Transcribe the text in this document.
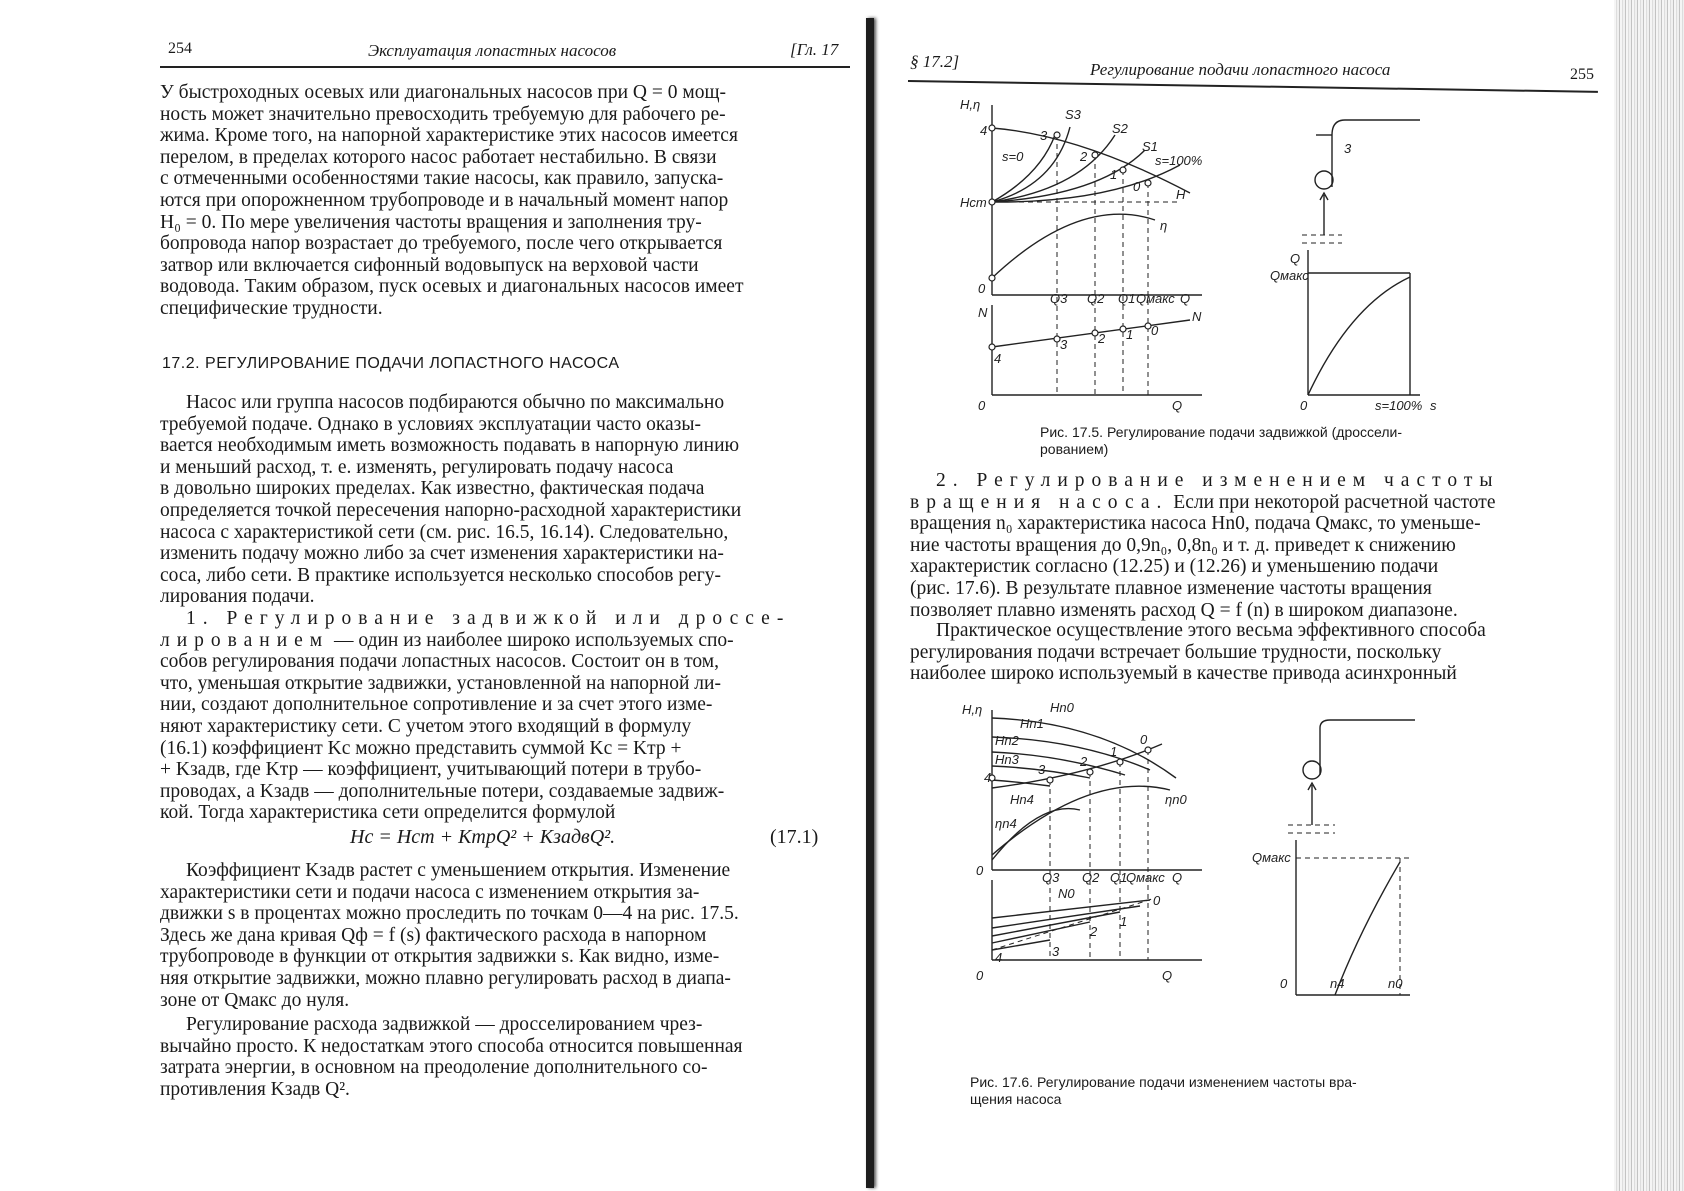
254	Эксплуатация лопастных насосов	[Гл. 17

У быстроходных осевых или диагональных насосов при Q = 0 мощ-

ность может значительно превосходить требуемую для рабочего ре-

жима. Кроме того, на напорной характеристике этих насосов имеется

перелом, в пределах которого насос работает нестабильно. В связи

с отмеченными особенностями такие насосы, как правило, запуска-

ются при опорожненном трубопроводе и в начальный момент напор

H₀ = 0. По мере увеличения частоты вращения и заполнения тру-

бопровода напор возрастает до требуемого, после чего открывается

затвор или включается сифонный водовыпуск на верховой части

водовода. Таким образом, пуск осевых и диагональных насосов имеет

специфические трудности.

17.2. РЕГУЛИРОВАНИЕ ПОДАЧИ ЛОПАСТНОГО НАСОСА

Насос или группа насосов подбираются обычно по максимально

требуемой подаче. Однако в условиях эксплуатации часто оказы-

вается необходимым иметь возможность подавать в напорную линию

и меньший расход, т. е. изменять, регулировать подачу насоса

в довольно широких пределах. Как известно, фактическая подача

определяется точкой пересечения напорно-расходной характеристики

насоса с характеристикой сети (см. рис. 16.5, 16.14). Следовательно,

изменить подачу можно либо за счет изменения характеристики на-

соса, либо сети. В практике используется несколько способов регу-

лирования подачи.

1. Регулирование задвижкой или дроссе-

лированием — один из наиболее широко используемых спо-
собов регулирования подачи лопастных насосов. Состоит он в том,
что, уменьшая открытие задвижки, установленной на напорной ли-
нии, создают дополнительное сопротивление и за счет этого изме-
няют характеристику сети. С учетом этого входящий в формулу
(16.1) коэффициент Kс можно представить суммой Kс = Kтр +
+ Kзадв, где Kтр — коэффициент, учитывающий потери в трубо-
проводах, а Kзадв — дополнительные потери, создаваемые задвиж-
кой. Тогда характеристика сети определится формулой

Hс = Hст + KтрQ² + KзадвQ².	(17.1)

Коэффициент Kзадв растет с уменьшением открытия. Изменение

характеристики сети и подачи насоса с изменением открытия за-

движки s в процентах можно проследить по точкам 0—4 на рис. 17.5.

Здесь же дана кривая Qф = f (s) фактического расхода в напорном

трубопроводе в функции от открытия задвижки s. Как видно, изме-

няя открытие задвижки, можно плавно регулировать расход в диапа-

зоне от Qмакс до нуля.

Регулирование расхода задвижкой — дросселированием чрез-

вычайно просто. К недостаткам этого способа относится повышенная

затрата энергии, в основном на преодоление дополнительного со-

противления Kзадв Q².

§ 17.2]	Регулирование подачи лопастного насоса	255
H,η
4	3
2
1
0
S3
S2
S1
s=0	s=100%
Hст
H
η
0
Q3 Q2 Q1 Qмакс Q
N
4
3 2 1 0
N
0	Q
3
Q
Qмакс
0	s=100% s
Рис. 17.5. Регулирование подачи задвижкой (дроссели-
рованием)

2. Регулирование изменением частоты

вращения насоса. Если при некоторой расчетной частоте
вращения n₀ характеристика насоса Hn0, подача Qмакс, то уменьше-
ние частоты вращения до 0,9n₀, 0,8n₀ и т. д. приведет к снижению
характеристик согласно (12.25) и (12.26) и уменьшению подачи
(рис. 17.6). В результате плавное изменение частоты вращения
позволяет плавно изменять расход Q = f (n) в широком диапазоне.

Практическое осуществление этого весьма эффективного способа

регулирования подачи встречает большие трудности, поскольку

наиболее широко используемый в качестве привода асинхронный

H,η	Hn0
Hn1
Hn2
Hn3
Hn4
ηn4
ηn0
4
3
2
1
0
0	Q3 Q2 Q1
Qмакс Q
N0
4	3
2
1
0
0	Q
Qмакс
0	n4	n0
Рис. 17.6. Регулирование подачи изменением частоты вра-
щения насоса
